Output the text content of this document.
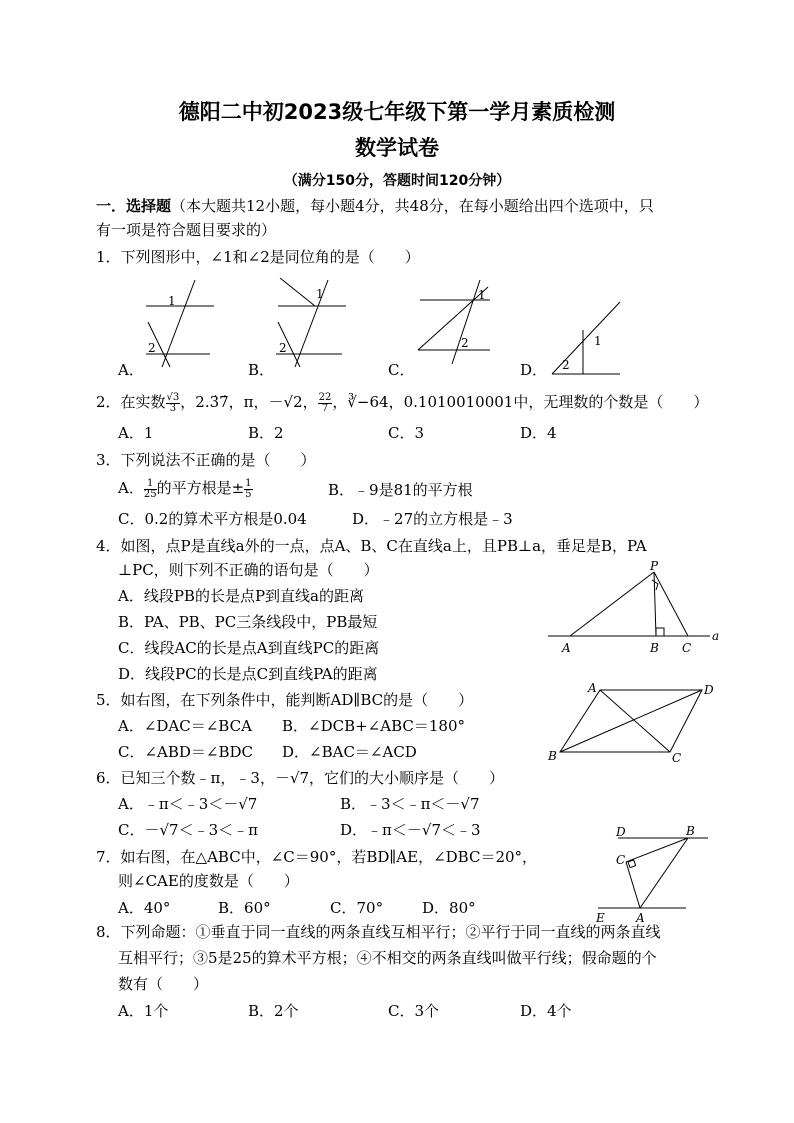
德阳二中初2023级七年级下第一学月素质检测
数学试卷
（满分150分，答题时间120分钟）
一．选择题（本大题共12小题，每小题4分，共48分，在每小题给出四个选项中，只
有一项是符合题目要求的）
1．下列图形中，∠1和∠2是同位角的是（　　）
1
2
1
2
1
2	1
2
A．	B．	C．	D．
2．在实数 $\frac{√3}{3}$ ，2.3̇7̇，π，－√2， $\frac{22}{7}$ ，∛−64，0.1010010001中，无理数的个数是（　　）
A．1	B．2	C．3	D．4
3．下列说法不正确的是（　　）
A． $\frac{1}{25}$ 的平方根是± $\frac{1}{5}$	B．﹣9是81的平方根
C．0.2的算术平方根是0.04	D．﹣27的立方根是﹣3
4．如图，点P是直线a外的一点，点A、B、C在直线a上，且PB⊥a，垂足是B，PA
⊥PC，则下列不正确的语句是（　　）
A．线段PB的长是点P到直线a的距离
B．PA、PB、PC三条线段中，PB最短
C．线段AC的长是点A到直线PC的距离
D．线段PC的长是点C到直线PA的距离
P
A	B C
a
5．如右图，在下列条件中，能判断AD∥BC的是（　　）
A．∠DAC＝∠BCA B．∠DCB+∠ABC＝180°
C．∠ABD＝∠BDC D．∠BAC＝∠ACD
A	D
B	C
6．已知三个数﹣π，﹣3，－√7，它们的大小顺序是（　　）
A．﹣π＜﹣3＜－√7	B．﹣3＜﹣π＜－√7
C．－√7＜﹣3＜﹣π	D．﹣π＜－√7＜﹣3
7．如右图，在△ABC中，∠C＝90°，若BD∥AE，∠DBC＝20°，
则∠CAE的度数是（　　）
A．40°	B．60°	C．70°	D．80°
D	B
C
E	A
8．下列命题：①垂直于同一直线的两条直线互相平行；②平行于同一直线的两条直线
互相平行；③5是25的算术平方根；④不相交的两条直线叫做平行线；假命题的个
数有（　　）
A．1个	B．2个	C．3个	D．4个
